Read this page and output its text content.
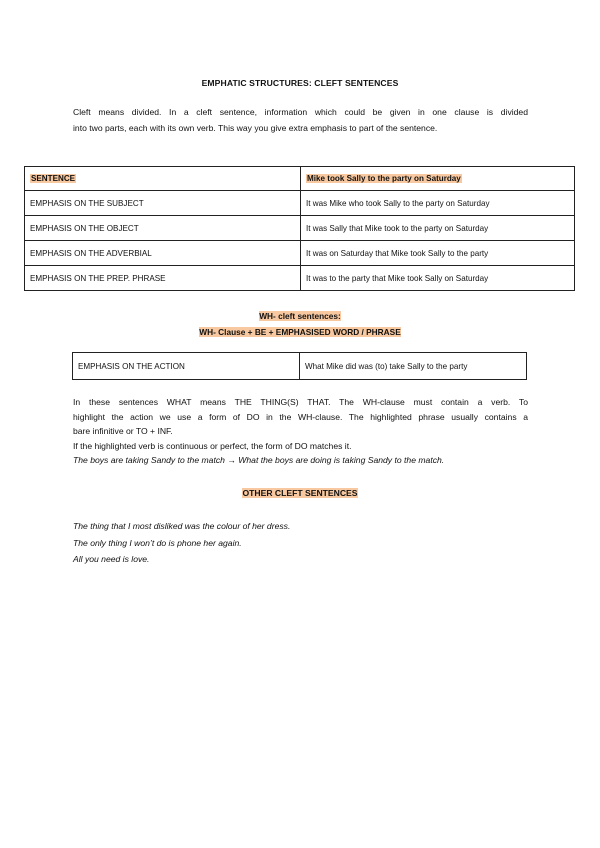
EMPHATIC STRUCTURES: CLEFT SENTENCES
Cleft means divided. In a cleft sentence, information which could be given in one clause is divided
into two parts, each with its own verb. This way you give extra emphasis to part of the sentence.
SENTENCE	Mike took Sally to the party on Saturday
EMPHASIS ON THE SUBJECT	It was Mike who took Sally to the party on Saturday
EMPHASIS ON THE OBJECT	It was Sally that Mike took to the party on Saturday
EMPHASIS ON THE ADVERBIAL	It was on Saturday that Mike took Sally to the party
EMPHASIS ON THE PREP. PHRASE	It was to the party that Mike took Sally on Saturday
WH- cleft sentences:
WH- Clause + BE + EMPHASISED WORD / PHRASE
EMPHASIS ON THE ACTION	What Mike did was (to) take Sally to the party

In these sentences WHAT means THE THING(S) THAT. The WH-clause must contain a verb. To

highlight the action we use a form of DO in the WH-clause. The highlighted phrase usually contains a

bare infinitive or TO + INF.

If the highlighted verb is continuous or perfect, the form of DO matches it.

The boys are taking Sandy to the match → What the boys are doing is taking Sandy to the match.

OTHER CLEFT SENTENCES
The thing that I most disliked was the colour of her dress.
The only thing I won’t do is phone her again.
All you need is love.
